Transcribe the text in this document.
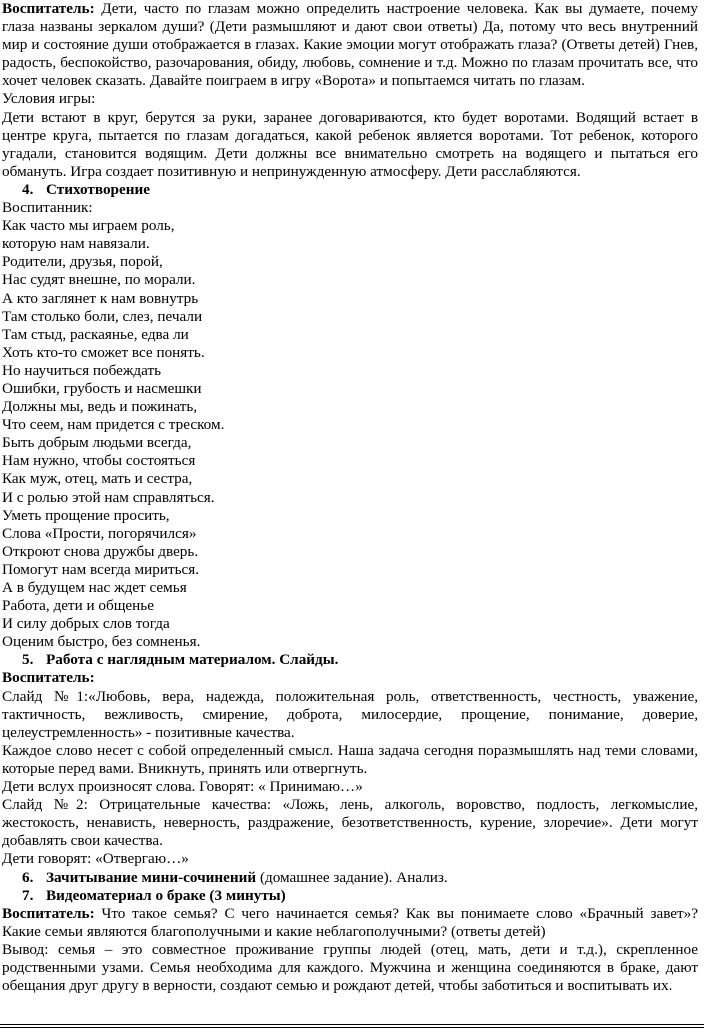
Воспитатель: Дети, часто по глазам можно определить настроение человека. Как вы думаете, почему глаза названы зеркалом души? (Дети размышляют и дают свои ответы) Да, потому что весь внутренний мир и состояние души отображается в глазах. Какие эмоции могут отображать глаза? (Ответы детей) Гнев, радость, беспокойство, разочарования, обиду, любовь, сомнение и т.д. Можно по глазам прочитать все, что хочет человек сказать. Давайте поиграем в игру «Ворота» и попытаемся читать по глазам.
Условия игры:
Дети встают в круг, берутся за руки, заранее договариваются, кто будет воротами. Водящий встает в центре круга, пытается по глазам догадаться, какой ребенок является воротами. Тот ребенок, которого угадали, становится водящим. Дети должны все внимательно смотреть на водящего и пытаться его обмануть. Игра создает позитивную и непринужденную атмосферу. Дети расслабляются.
4. Стихотворение
Воспитанник:
Как часто мы играем роль,
которую нам навязали.
Родители, друзья, порой,
Нас судят внешне, по морали.
А кто заглянет к нам вовнутрь
Там столько боли, слез, печали
Там стыд, раскаянье, едва ли
Хоть кто-то сможет все понять.
Но научиться побеждать
Ошибки, грубость и насмешки
Должны мы, ведь и пожинать,
Что сеем, нам придется с треском.
Быть добрым людьми всегда,
Нам нужно, чтобы состояться
Как муж, отец, мать и сестра,
И с ролью этой нам справляться.
Уметь прощение просить,
Слова «Прости, погорячился»
Откроют снова дружбы дверь.
Помогут нам всегда мириться.
А в будущем нас ждет семья
Работа, дети и общенье
И силу добрых слов тогда
Оценим быстро, без сомненья.
5. Работа с наглядным материалом. Слайды.
Воспитатель:
Слайд №1:«Любовь, вера, надежда, положительная роль, ответственность, честность, уважение, тактичность, вежливость, смирение, доброта, милосердие, прощение, понимание, доверие, целеустремленность» - позитивные качества.
Каждое слово несет с собой определенный смысл. Наша задача сегодня поразмышлять над теми словами, которые перед вами. Вникнуть, принять или отвергнуть.
Дети вслух произносят слова. Говорят: « Принимаю…»
Слайд №2: Отрицательные качества: «Ложь, лень, алкоголь, воровство, подлость, легкомыслие, жестокость, ненависть, неверность, раздражение, безответственность, курение, злоречие». Дети могут добавлять свои качества.
Дети говорят: «Отвергаю…»
6. Зачитывание мини-сочинений (домашнее задание). Анализ.
7. Видеоматериал о браке (3 минуты)
Воспитатель: Что такое семья? С чего начинается семья? Как вы понимаете слово «Брачный завет»? Какие семьи являются благополучными и какие неблагополучными? (ответы детей)
Вывод: семья – это совместное проживание группы людей (отец, мать, дети и т.д.), скрепленное родственными узами. Семья необходима для каждого. Мужчина и женщина соединяются в браке, дают обещания друг другу в верности, создают семью и рождают детей, чтобы заботиться и воспитывать их.
